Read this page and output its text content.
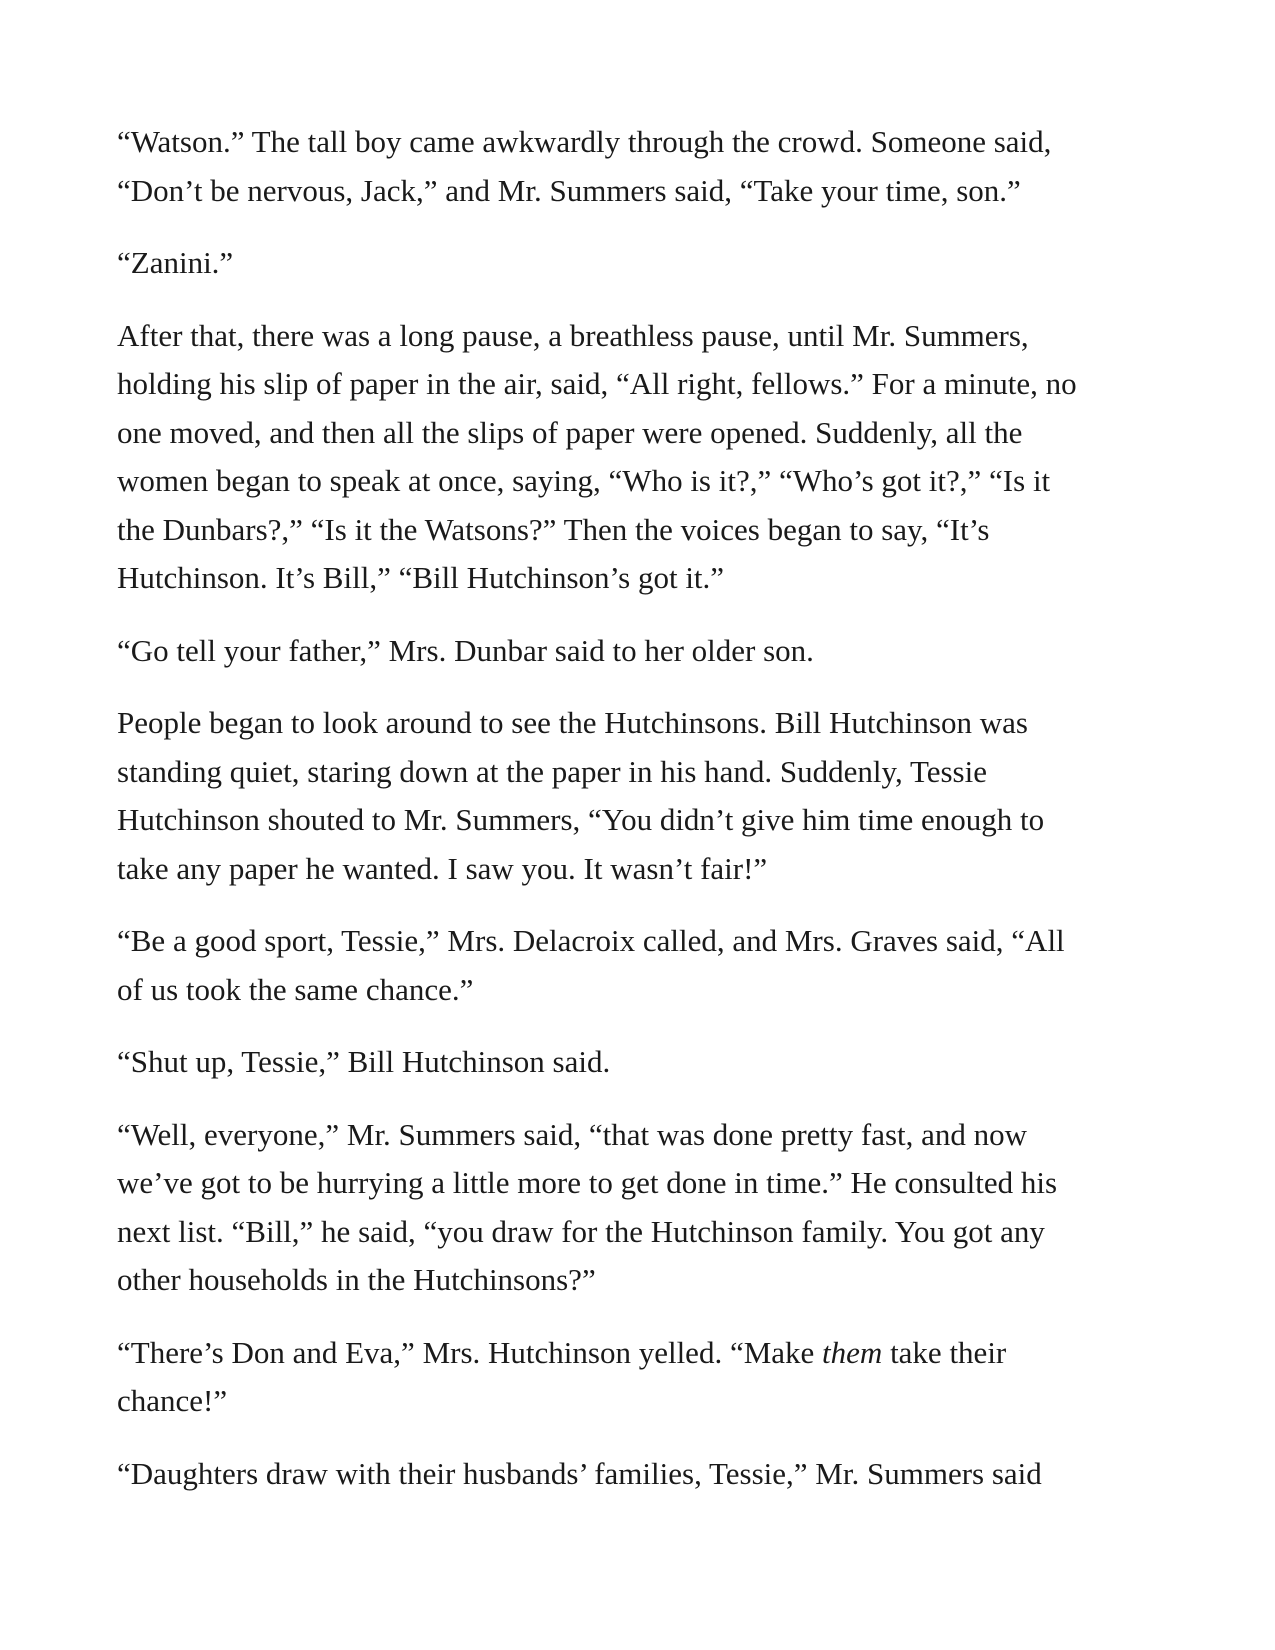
“Watson.” The tall boy came awkwardly through the crowd. Someone said,
“Don’t be nervous, Jack,” and Mr. Summers said, “Take your time, son.”

“Zanini.”

After that, there was a long pause, a breathless pause, until Mr. Summers,
holding his slip of paper in the air, said, “All right, fellows.” For a minute, no
one moved, and then all the slips of paper were opened. Suddenly, all the
women began to speak at once, saying, “Who is it?,” “Who’s got it?,” “Is it
the Dunbars?,” “Is it the Watsons?” Then the voices began to say, “It’s
Hutchinson. It’s Bill,” “Bill Hutchinson’s got it.”

“Go tell your father,” Mrs. Dunbar said to her older son.

People began to look around to see the Hutchinsons. Bill Hutchinson was
standing quiet, staring down at the paper in his hand. Suddenly, Tessie
Hutchinson shouted to Mr. Summers, “You didn’t give him time enough to
take any paper he wanted. I saw you. It wasn’t fair!”

“Be a good sport, Tessie,” Mrs. Delacroix called, and Mrs. Graves said, “All
of us took the same chance.”

“Shut up, Tessie,” Bill Hutchinson said.

“Well, everyone,” Mr. Summers said, “that was done pretty fast, and now
we’ve got to be hurrying a little more to get done in time.” He consulted his
next list. “Bill,” he said, “you draw for the Hutchinson family. You got any
other households in the Hutchinsons?”

“There’s Don and Eva,” Mrs. Hutchinson yelled. “Make them take their
chance!”

“Daughters draw with their husbands’ families, Tessie,” Mr. Summers said
